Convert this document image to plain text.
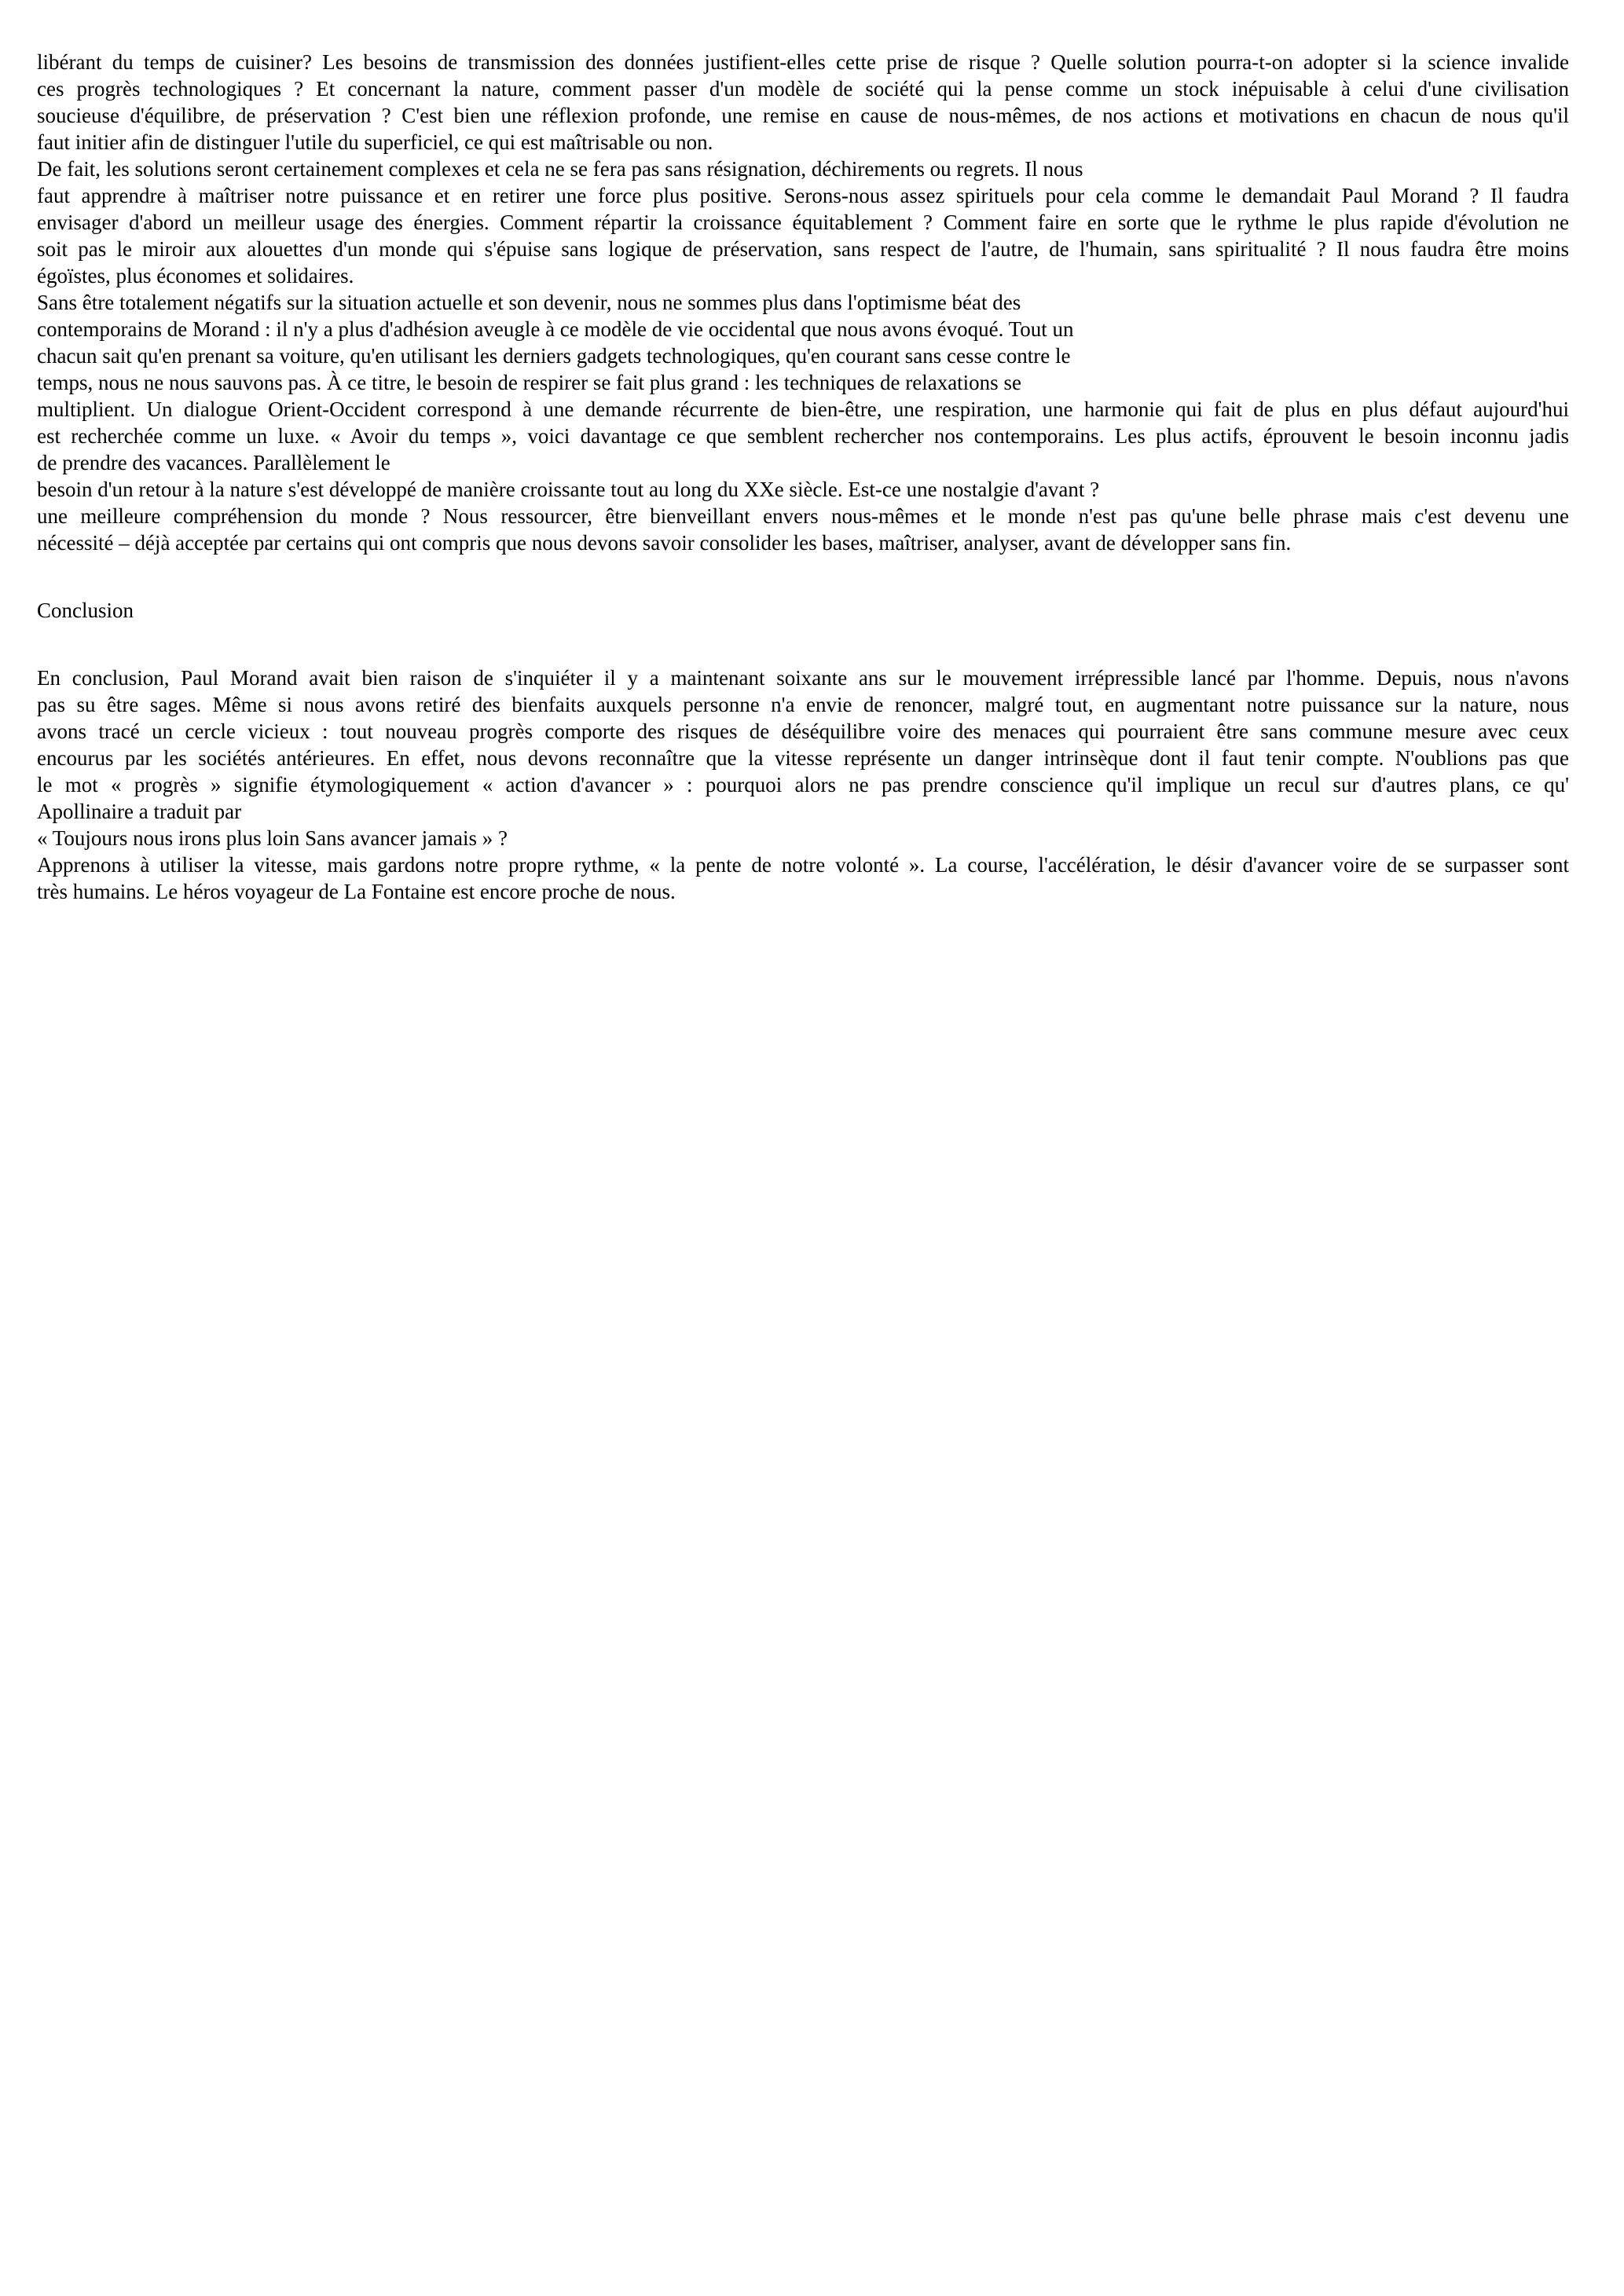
libérant du temps de cuisiner? Les besoins de transmission des données justifient-elles cette prise de risque ? Quelle solution pourra-t-on adopter si la science invalide
ces progrès technologiques ? Et concernant la nature, comment passer d'un modèle de société qui la pense comme un stock inépuisable à celui d'une civilisation
soucieuse d'équilibre, de préservation ? C'est bien une réflexion profonde, une remise en cause de nous-mêmes, de nos actions et motivations en chacun de nous qu'il
faut initier afin de distinguer l'utile du superficiel, ce qui est maîtrisable ou non.
De fait, les solutions seront certainement complexes et cela ne se fera pas sans résignation, déchirements ou regrets. Il nous
faut apprendre à maîtriser notre puissance et en retirer une force plus positive. Serons-nous assez spirituels pour cela comme le demandait Paul Morand ? Il faudra
envisager d'abord un meilleur usage des énergies. Comment répartir la croissance équitablement ? Comment faire en sorte que le rythme le plus rapide d'évolution ne
soit pas le miroir aux alouettes d'un monde qui s'épuise sans logique de préservation, sans respect de l'autre, de l'humain, sans spiritualité ? Il nous faudra être moins
égoïstes, plus économes et solidaires.
Sans être totalement négatifs sur la situation actuelle et son devenir, nous ne sommes plus dans l'optimisme béat des
contemporains de Morand : il n'y a plus d'adhésion aveugle à ce modèle de vie occidental que nous avons évoqué. Tout un
chacun sait qu'en prenant sa voiture, qu'en utilisant les derniers gadgets technologiques, qu'en courant sans cesse contre le
temps, nous ne nous sauvons pas. À ce titre, le besoin de respirer se fait plus grand : les techniques de relaxations se
multiplient. Un dialogue Orient-Occident correspond à une demande récurrente de bien-être, une respiration, une harmonie qui fait de plus en plus défaut aujourd'hui
est recherchée comme un luxe. « Avoir du temps », voici davantage ce que semblent rechercher nos contemporains. Les plus actifs, éprouvent le besoin inconnu jadis
de prendre des vacances. Parallèlement le
besoin d'un retour à la nature s'est développé de manière croissante tout au long du XXe siècle. Est-ce une nostalgie d'avant ?
une meilleure compréhension du monde ? Nous ressourcer, être bienveillant envers nous-mêmes et le monde n'est pas qu'une belle phrase mais c'est devenu une
nécessité – déjà acceptée par certains qui ont compris que nous devons savoir consolider les bases, maîtriser, analyser, avant de développer sans fin.
Conclusion
En conclusion, Paul Morand avait bien raison de s'inquiéter il y a maintenant soixante ans sur le mouvement irrépressible lancé par l'homme. Depuis, nous n'avons
pas su être sages. Même si nous avons retiré des bienfaits auxquels personne n'a envie de renoncer, malgré tout, en augmentant notre puissance sur la nature, nous
avons tracé un cercle vicieux : tout nouveau progrès comporte des risques de déséquilibre voire des menaces qui pourraient être sans commune mesure avec ceux
encourus par les sociétés antérieures. En effet, nous devons reconnaître que la vitesse représente un danger intrinsèque dont il faut tenir compte. N'oublions pas que
le mot « progrès » signifie étymologiquement « action d'avancer » : pourquoi alors ne pas prendre conscience qu'il implique un recul sur d'autres plans, ce qu'
Apollinaire a traduit par
« Toujours nous irons plus loin Sans avancer jamais » ?
Apprenons à utiliser la vitesse, mais gardons notre propre rythme, « la pente de notre volonté ». La course, l'accélération, le désir d'avancer voire de se surpasser sont
très humains. Le héros voyageur de La Fontaine est encore proche de nous.
